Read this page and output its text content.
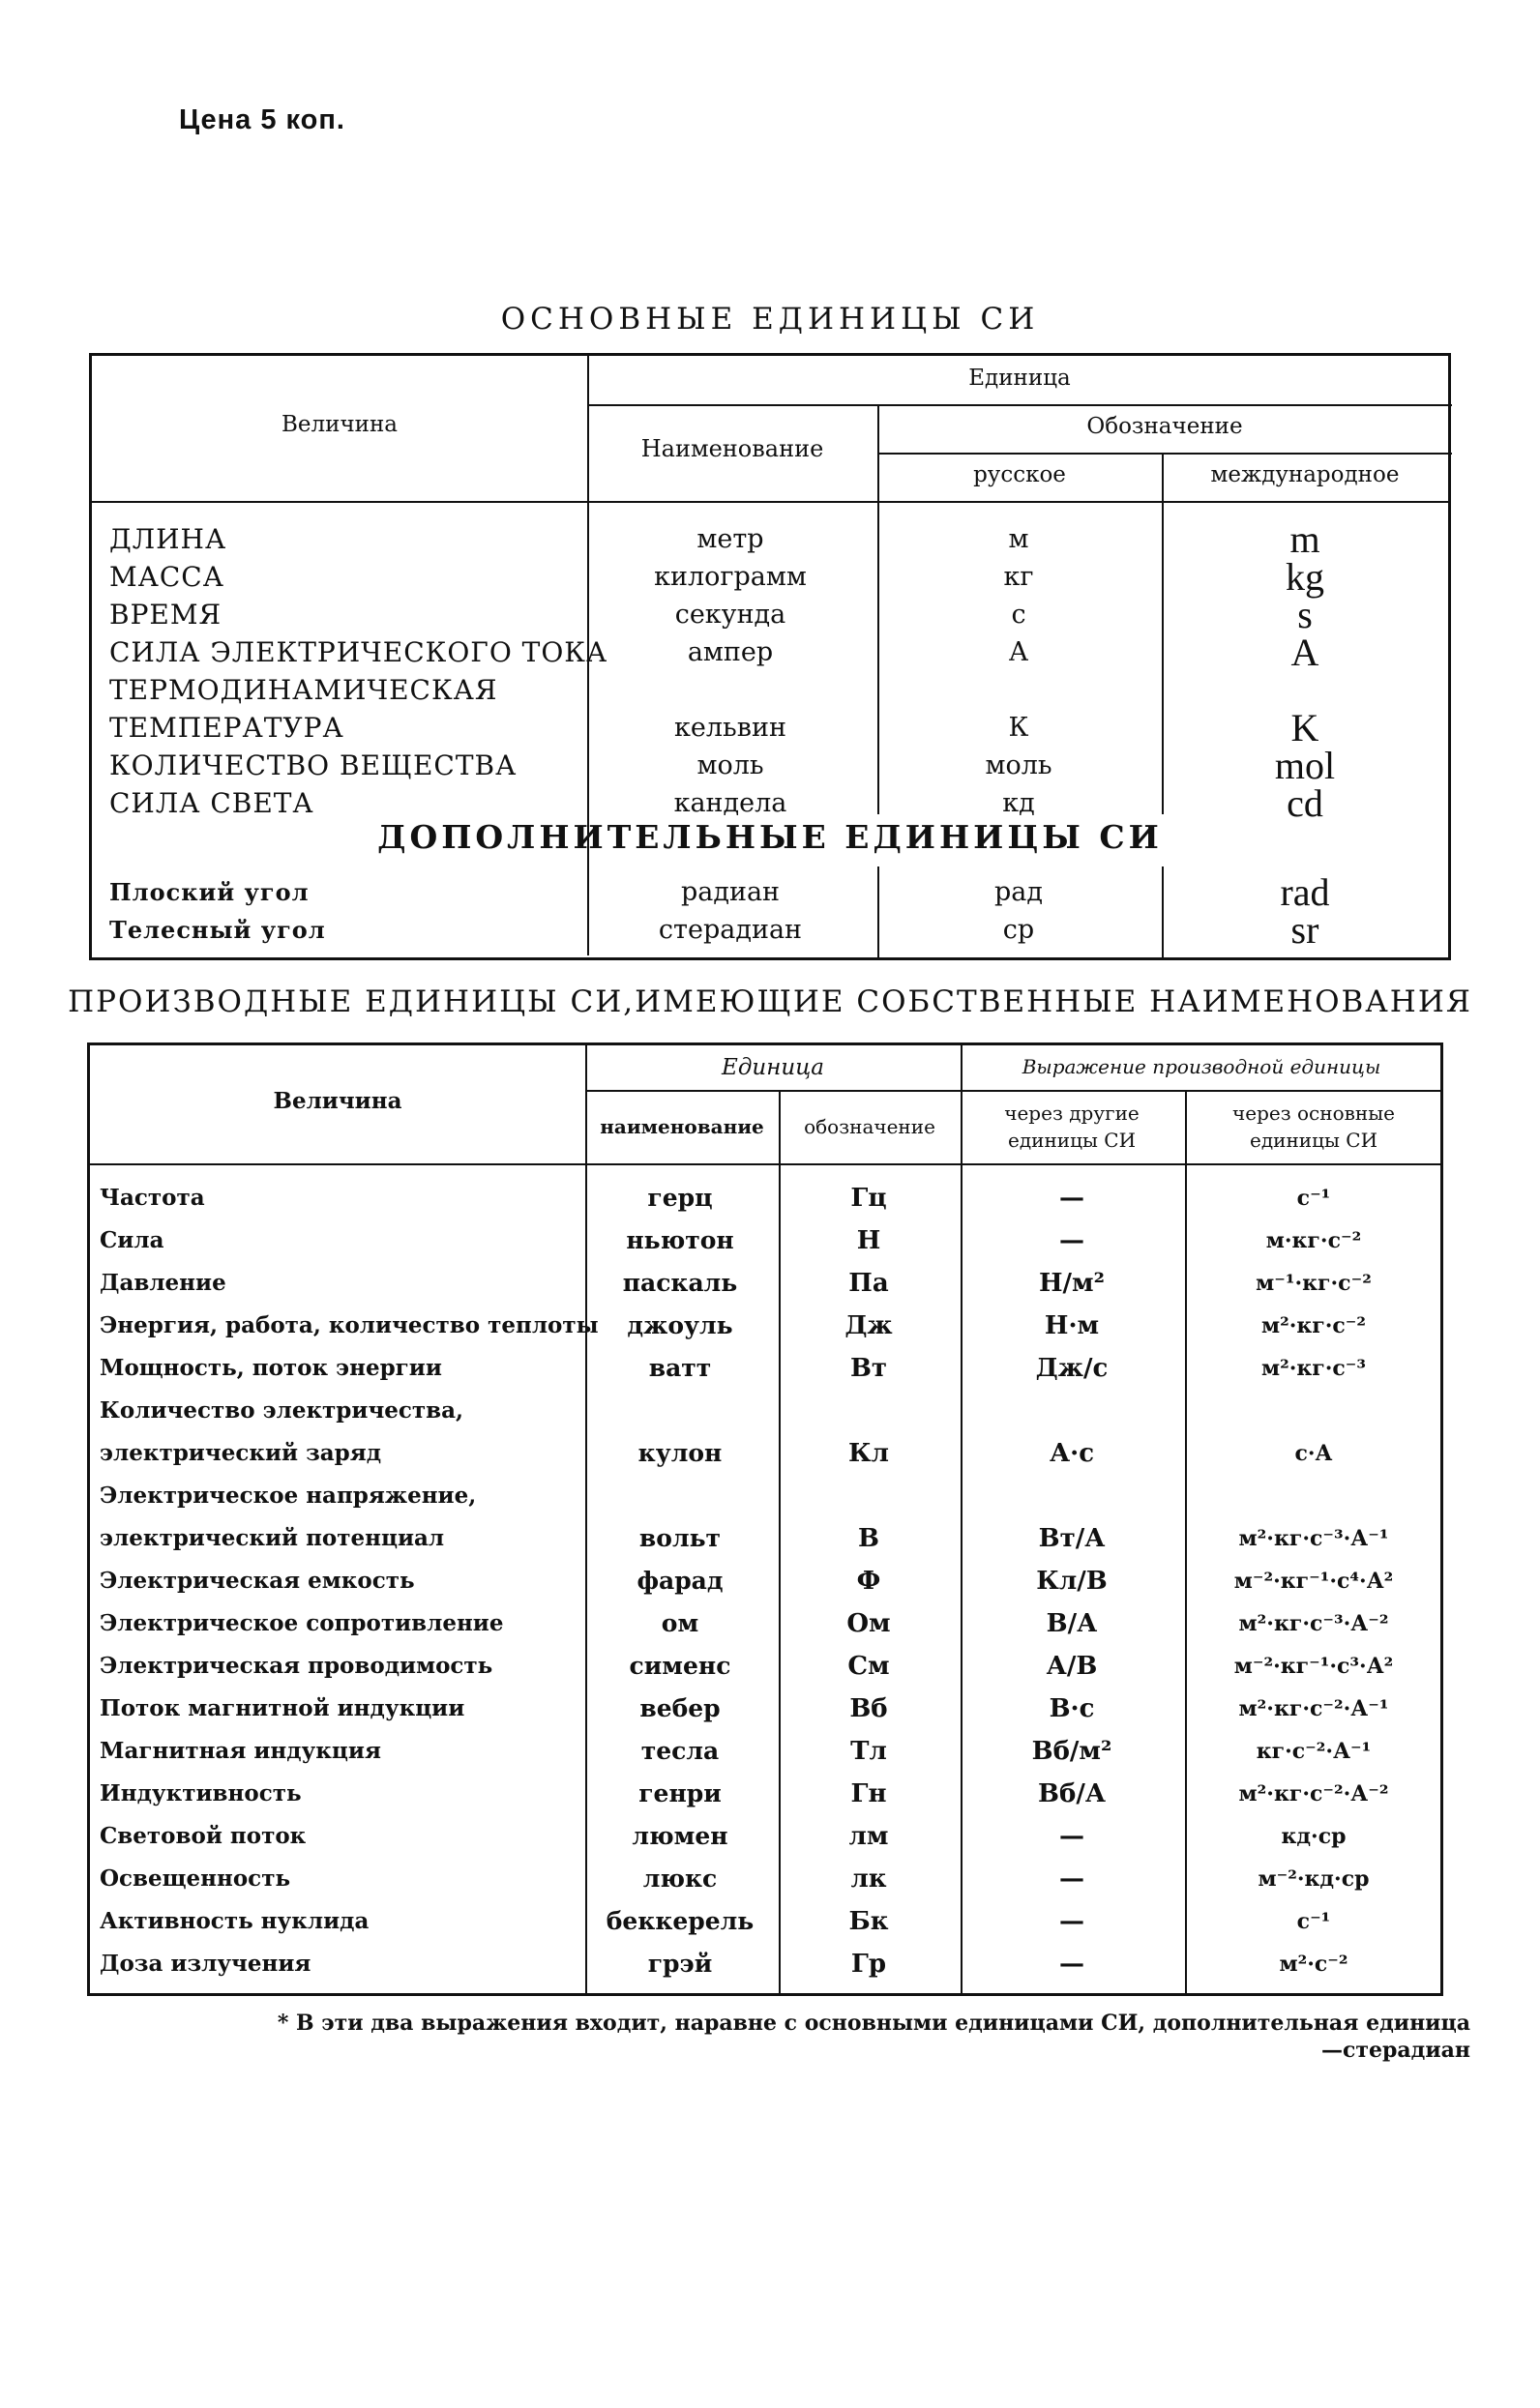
Цена 5 коп.
ОСНОВНЫЕ ЕДИНИЦЫ СИ
Величина
Единица
Наименование
Обозначение
русское	международное
ДЛИНА	метр	м	m
МАССА	килограмм	кг	kg
ВРЕМЯ	секунда	с	s
СИЛА ЭЛЕКТРИЧЕСКОГО ТОКА	ампер	А	A
ТЕРМОДИНАМИЧЕСКАЯ
ТЕМПЕРАТУРА	кельвин	К	K
КОЛИЧЕСТВО ВЕЩЕСТВА	моль	моль	mol
СИЛА СВЕТА	кандела	кд	cd
ДОПОЛНИТЕЛЬНЫЕ ЕДИНИЦЫ СИ
Плоский угол	радиан	рад	rad
Телесный угол	стерадиан	ср	sr
ПРОИЗВОДНЫЕ ЕДИНИЦЫ СИ,ИМЕЮЩИЕ СОБСТВЕННЫЕ НАИМЕНОВАНИЯ
Величина
Единица	Выражение производной единицы
наименование	обозначение
через другие единицы СИ
через основные единицы СИ
Частота	герц	Гц	—	с⁻¹
Сила	ньютон	Н	—	м·кг·с⁻²
Давление	паскаль	Па	Н/м²	м⁻¹·кг·с⁻²
Энергия, работа, количество теплоты	джоуль	Дж	Н·м	м²·кг·с⁻²
Мощность, поток энергии	ватт	Вт	Дж/с	м²·кг·с⁻³
Количество электричества,
электрический заряд	кулон	Кл	А·с	с·А
Электрическое напряжение,
электрический потенциал	вольт	В	Вт/А	м²·кг·с⁻³·А⁻¹
Электрическая емкость	фарад	Ф	Кл/В	м⁻²·кг⁻¹·с⁴·А²
Электрическое сопротивление	ом	Ом	В/А	м²·кг·с⁻³·А⁻²
Электрическая проводимость	сименс	См	А/В	м⁻²·кг⁻¹·с³·А²
Поток магнитной индукции	вебер	Вб	В·с	м²·кг·с⁻²·А⁻¹
Магнитная индукция	тесла	Тл	Вб/м²	кг·с⁻²·А⁻¹
Индуктивность	генри	Гн	Вб/А	м²·кг·с⁻²·А⁻²
Световой поток	люмен	лм	—	кд·ср
Освещенность	люкс	лк	—	м⁻²·кд·ср
Активность нуклида	беккерель	Бк	—	с⁻¹
Доза излучения	грэй	Гр	—	м²·с⁻²
* В эти два выражения входит, наравне с основными единицами СИ, дополнительная единица—стерадиан
